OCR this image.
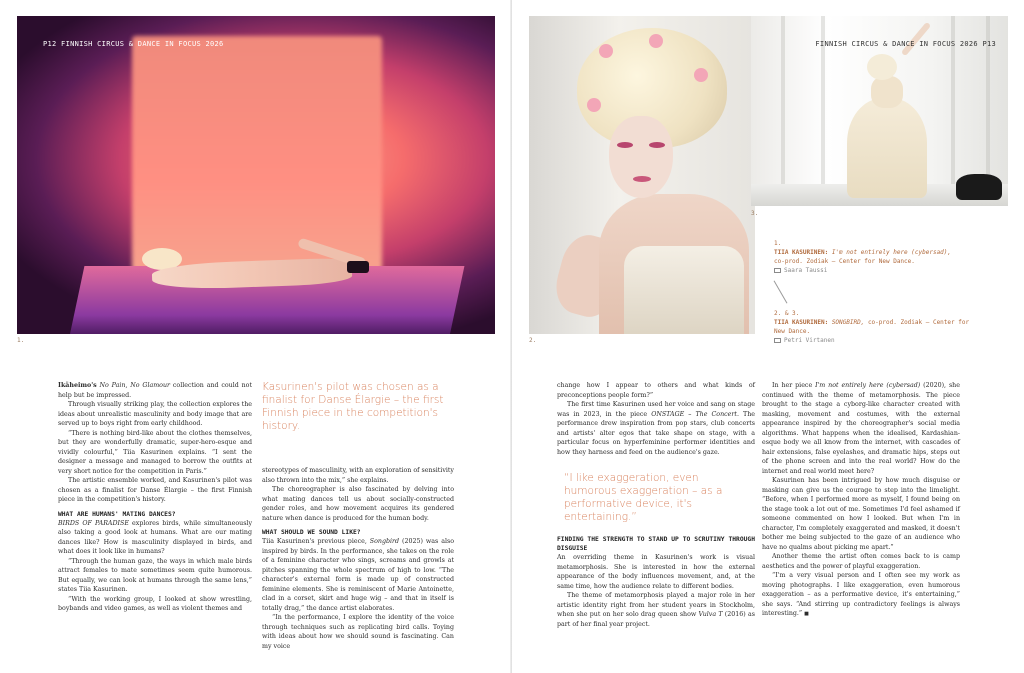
P12 FINNISH CIRCUS & DANCE IN FOCUS 2026
1.

Ikäheimo's No Pain, No Glamour collection and could not help but be impressed.

Through visually striking play, the collection explores the ideas about unrealistic masculinity and body image that are served up to boys right from early childhood.

“There is nothing bird-like about the clothes themselves, but they are wonderfully dramatic, super-hero-esque and vividly colourful,” Tiia Kasurinen explains. “I sent the designer a message and managed to borrow the outfits at very short notice for the competition in Paris.”

The artistic ensemble worked, and Kasurinen's pilot was chosen as a finalist for Danse Élargie – the first Finnish piece in the competition's history.

WHAT ARE HUMANS' MATING DANCES?

BIRDS OF PARADISE explores birds, while simultaneously also taking a good look at humans. What are our mating dances like? How is masculinity displayed in birds, and what does it look like in humans?

“Through the human gaze, the ways in which male birds attract females to mate sometimes seem quite humorous. But equally, we can look at humans through the same lens,” states Tiia Kasurinen.

“With the working group, I looked at show wrestling, boybands and video games, as well as violent themes and

Kasurinen's pilot was chosen as a finalist for Danse Élargie – the first Finnish piece in the competition's history.

stereotypes of masculinity, with an exploration of sensitivity also thrown into the mix,” she explains.

The choreographer is also fascinated by delving into what mating dances tell us about socially-constructed gender roles, and how movement acquires its gendered nature when dance is produced for the human body.

WHAT SHOULD WE SOUND LIKE?

Tiia Kasurinen's previous piece, Songbird (2025) was also inspired by birds. In the performance, she takes on the role of a feminine character who sings, screams and growls at pitches spanning the whole spectrum of high to low. “The character's external form is made up of constructed feminine elements. She is reminiscent of Marie Antoinette, clad in a corset, skirt and huge wig – and that in itself is totally drag,” the dance artist elaborates.

“In the performance, I explore the identity of the voice through techniques such as replicating bird calls. Toying with ideas about how we should sound is fascinating. Can my voice

2.
FINNISH CIRCUS & DANCE IN FOCUS 2026 P13
3.
1.
TIIA KASURINEN: I'm not entirely here (cybersad),
co-prod. Zodiak – Center for New Dance.
Saara Taussi
2. & 3.
TIIA KASURINEN: SONGBIRD, co-prod. Zodiak – Center for New Dance.
Petri Virtanen

change how I appear to others and what kinds of preconceptions people form?”

The first time Kasurinen used her voice and sang on stage was in 2023, in the piece ONSTAGE – The Concert. The performance drew inspiration from pop stars, club concerts and artists' alter egos that take shape on stage, with a particular focus on hyperfeminine performer identities and how they harness and feed on the audience's gaze.

“I like exaggeration, even humorous exaggeration – as a performative device, it's entertaining.”
FINDING THE STRENGTH TO STAND UP TO SCRUTINY THROUGH DISGUISE

An overriding theme in Kasurinen's work is visual metamorphosis. She is interested in how the external appearance of the body influences movement, and, at the same time, how the audience relate to different bodies.

The theme of metamorphosis played a major role in her artistic identity right from her student years in Stockholm, when she put on her solo drag queen show Vulva T (2016) as part of her final year project.

In her piece I'm not entirely here (cybersad) (2020), she continued with the theme of metamorphosis. The piece brought to the stage a cyborg-like character created with masking, movement and costumes, with the external appearance inspired by the choreographer's social media algorithms. What happens when the idealised, Kardashian-esque body we all know from the internet, with cascades of hair extensions, false eyelashes, and dramatic hips, steps out of the phone screen and into the real world? How do the internet and real world meet here?

Kasurinen has been intrigued by how much disguise or masking can give us the courage to step into the limelight. “Before, when I performed more as myself, I found being on the stage took a lot out of me. Sometimes I'd feel ashamed if someone commented on how I looked. But when I'm in character, I'm completely exaggerated and masked, it doesn't bother me being subjected to the gaze of an audience who have no qualms about picking me apart.”

Another theme the artist often comes back to is camp aesthetics and the power of playful exaggeration.

“I'm a very visual person and I often see my work as moving photographs. I like exaggeration, even humorous exaggeration – as a performative device, it's entertaining,” she says. “And stirring up contradictory feelings is always interesting.” ■
